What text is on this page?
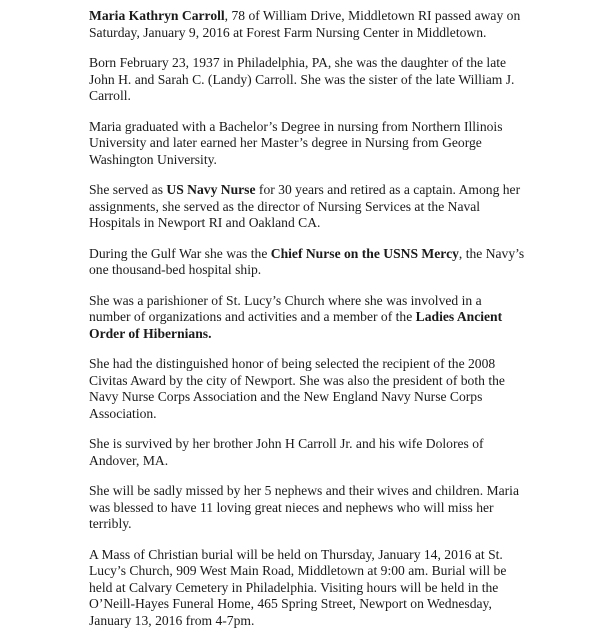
Maria Kathryn Carroll, 78 of William Drive, Middletown RI passed away on Saturday, January 9, 2016 at Forest Farm Nursing Center in Middletown.

Born February 23, 1937 in Philadelphia, PA, she was the daughter of the late John H. and Sarah C. (Landy) Carroll. She was the sister of the late William J. Carroll.

Maria graduated with a Bachelor’s Degree in nursing from Northern Illinois University and later earned her Master’s degree in Nursing from George Washington University.

She served as US Navy Nurse for 30 years and retired as a captain. Among her assignments, she served as the director of Nursing Services at the Naval Hospitals in Newport RI and Oakland CA.

During the Gulf War she was the Chief Nurse on the USNS Mercy, the Navy’s one thousand-bed hospital ship.

She was a parishioner of St. Lucy’s Church where she was involved in a number of organizations and activities and a member of the Ladies Ancient Order of Hibernians.

She had the distinguished honor of being selected the recipient of the 2008 Civitas Award by the city of Newport. She was also the president of both the Navy Nurse Corps Association and the New England Navy Nurse Corps Association.

She is survived by her brother John H Carroll Jr. and his wife Dolores of Andover, MA.

She will be sadly missed by her 5 nephews and their wives and children. Maria was blessed to have 11 loving great nieces and nephews who will miss her terribly.

A Mass of Christian burial will be held on Thursday, January 14, 2016 at St. Lucy’s Church, 909 West Main Road, Middletown at 9:00 am. Burial will be held at Calvary Cemetery in Philadelphia. Visiting hours will be held in the O’Neill-Hayes Funeral Home, 465 Spring Street, Newport on Wednesday, January 13, 2016 from 4-7pm.
